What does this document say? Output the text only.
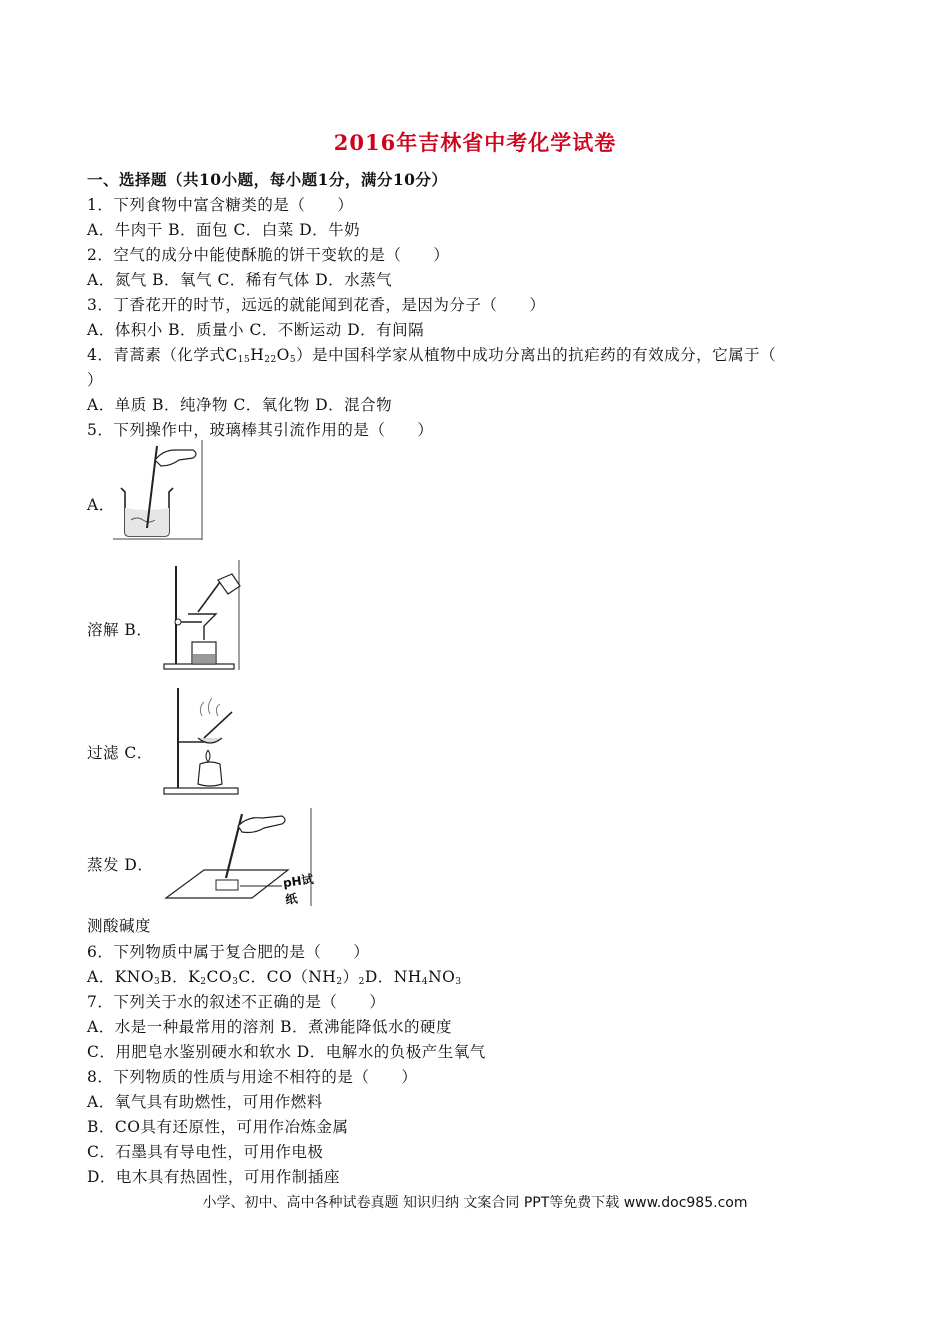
2016年吉林省中考化学试卷
一、选择题（共10小题，每小题1分，满分10分）
1．下列食物中富含糖类的是（　　）
A．牛肉干 B．面包 C．白菜 D．牛奶
2．空气的成分中能使酥脆的饼干变软的是（　　）
A．氮气 B．氧气 C．稀有气体 D．水蒸气
3．丁香花开的时节，远远的就能闻到花香，是因为分子（　　）
A．体积小 B．质量小 C．不断运动 D．有间隔
4．青蒿素（化学式$C_{15}H_{22}O_5$）是中国科学家从植物中成功分离出的抗疟药的有效成分，它属于（
）
A．单质 B．纯净物 C．氧化物 D．混合物
5．下列操作中，玻璃棒其引流作用的是（　　）
A．
溶解 B．
过滤 C．
蒸发 D．
pH试纸
测酸碱度
6．下列物质中属于复合肥的是（　　）
A．$KNO_3B$．$K_2CO_3C$．$CO(NH_2)_2D$．$NH_4NO_3$
7．下列关于水的叙述不正确的是（　　）
A．水是一种最常用的溶剂 B．煮沸能降低水的硬度
C．用肥皂水鉴别硬水和软水 D．电解水的负极产生氧气
8．下列物质的性质与用途不相符的是（　　）
A．氧气具有助燃性，可用作燃料
B．CO具有还原性，可用作冶炼金属
C．石墨具有导电性，可用作电极
D．电木具有热固性，可用作制插座
小学、初中、高中各种试卷真题 知识归纳 文案合同 PPT等免费下载 www.doc985.com
